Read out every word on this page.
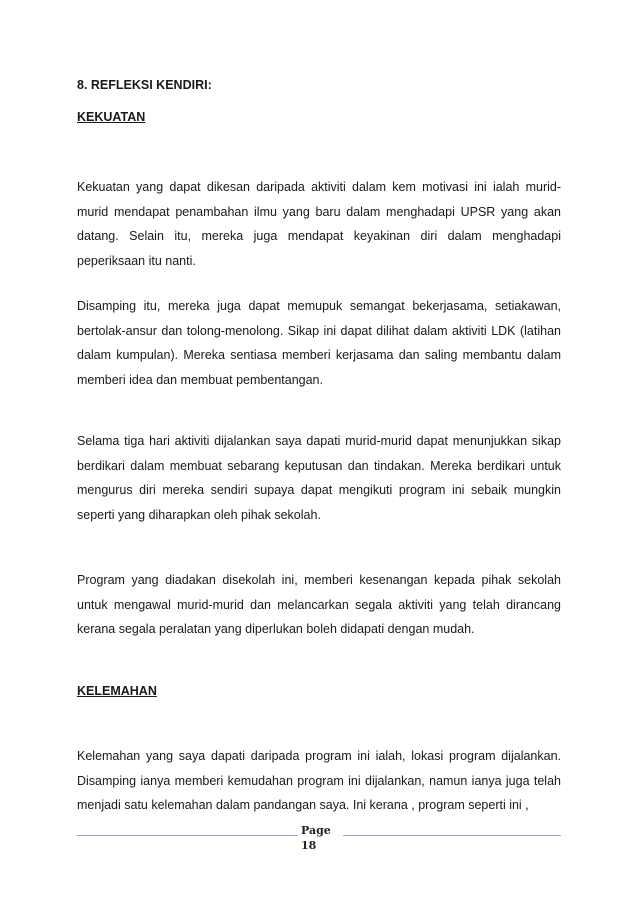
8. REFLEKSI KENDIRI:

KEKUATAN

Kekuatan yang dapat dikesan daripada aktiviti dalam kem motivasi ini ialah murid-murid mendapat penambahan ilmu yang baru dalam menghadapi UPSR yang akan datang. Selain itu, mereka juga mendapat keyakinan diri dalam menghadapi peperiksaan itu nanti.

Disamping itu, mereka juga dapat memupuk semangat bekerjasama, setiakawan, bertolak-ansur dan tolong-menolong. Sikap ini dapat dilihat dalam aktiviti LDK (latihan dalam kumpulan). Mereka sentiasa memberi kerjasama dan saling membantu dalam memberi idea dan membuat pembentangan.

Selama tiga hari aktiviti dijalankan saya dapati murid-murid dapat menunjukkan sikap berdikari dalam membuat sebarang keputusan dan tindakan. Mereka berdikari untuk mengurus diri mereka sendiri supaya dapat mengikuti program ini sebaik mungkin seperti yang diharapkan oleh pihak sekolah.

Program yang diadakan disekolah ini, memberi kesenangan kepada pihak sekolah untuk mengawal murid-murid dan melancarkan segala aktiviti yang telah dirancang kerana segala peralatan yang diperlukan boleh didapati dengan mudah.

KELEMAHAN

Kelemahan yang saya dapati daripada program ini ialah, lokasi program dijalankan. Disamping ianya memberi kemudahan program ini dijalankan, namun ianya juga telah menjadi satu kelemahan dalam pandangan saya. Ini kerana , program seperti ini ,

Page
18
